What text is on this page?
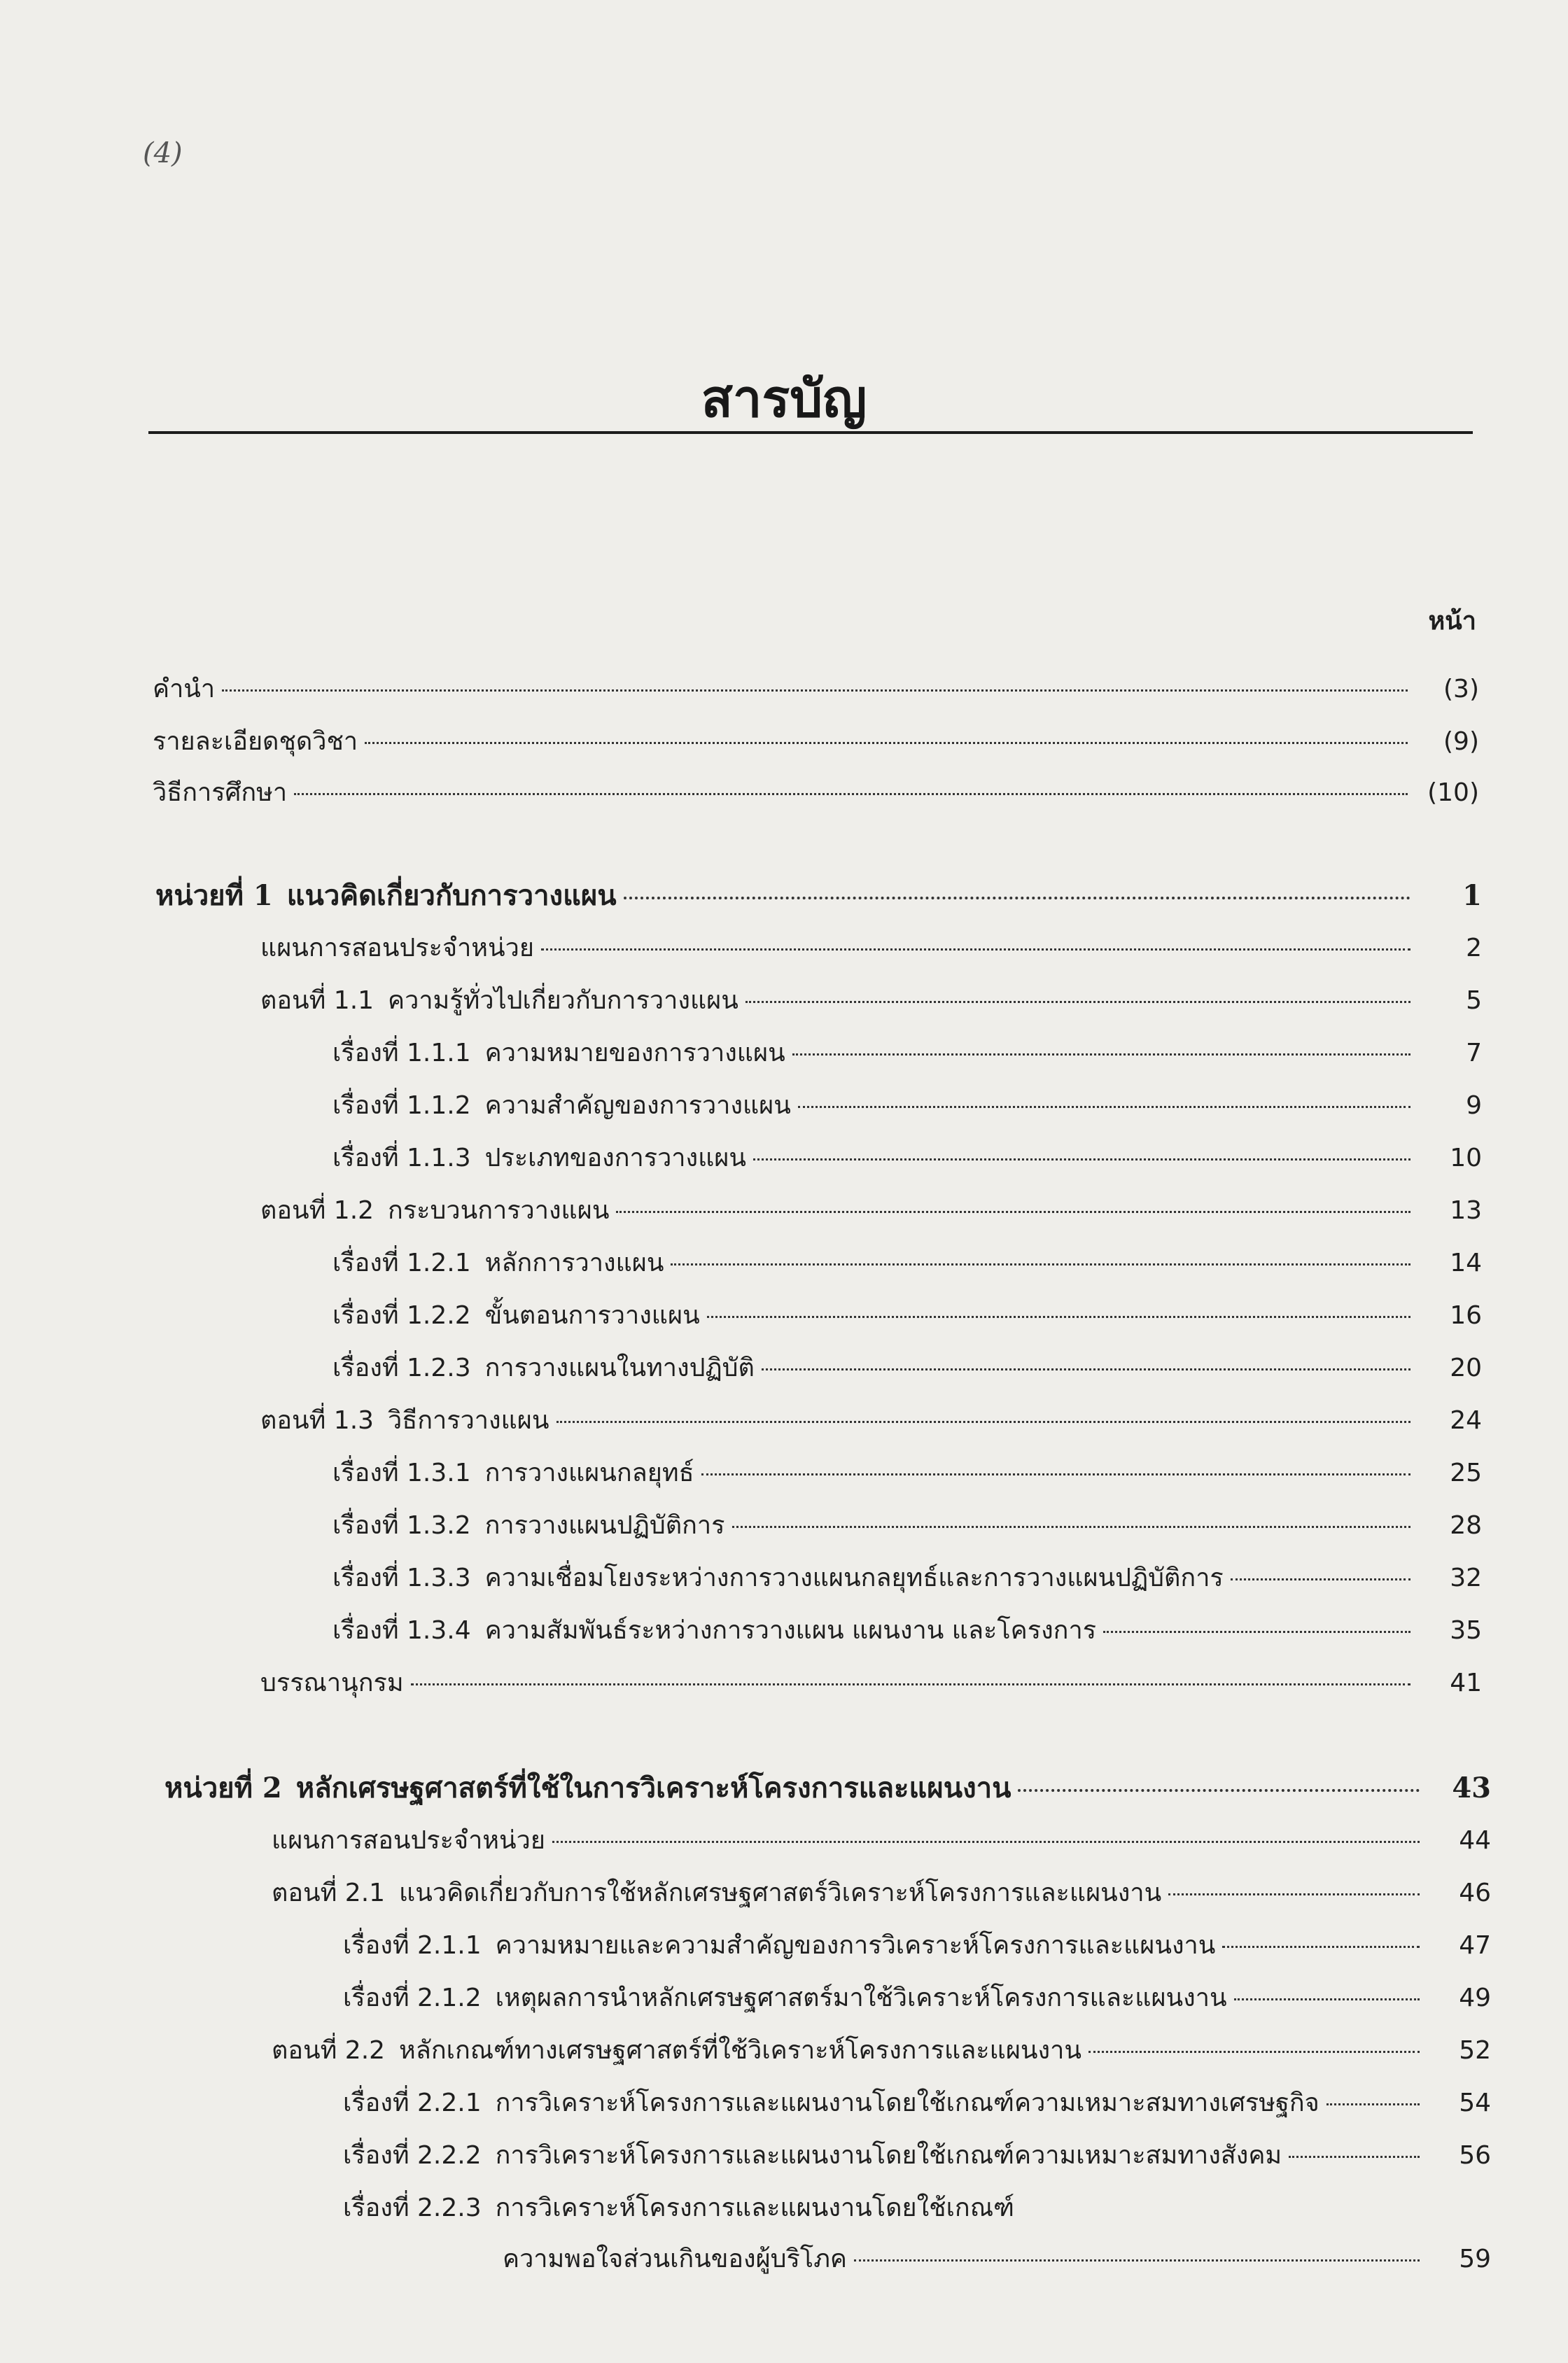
(4)
สารบัญ
หน้า
คำนำ	(3)
รายละเอียดชุดวิชา	(9)
วิธีการศึกษา	(10)
หน่วยที่ 1 แนวคิดเกี่ยวกับการวางแผน	1
แผนการสอนประจำหน่วย	2
ตอนที่ 1.1 ความรู้ทั่วไปเกี่ยวกับการวางแผน	5
เรื่องที่ 1.1.1 ความหมายของการวางแผน	7
เรื่องที่ 1.1.2 ความสำคัญของการวางแผน	9
เรื่องที่ 1.1.3 ประเภทของการวางแผน	10
ตอนที่ 1.2 กระบวนการวางแผน	13
เรื่องที่ 1.2.1 หลักการวางแผน	14
เรื่องที่ 1.2.2 ขั้นตอนการวางแผน	16
เรื่องที่ 1.2.3 การวางแผนในทางปฏิบัติ	20
ตอนที่ 1.3 วิธีการวางแผน	24
เรื่องที่ 1.3.1 การวางแผนกลยุทธ์	25
เรื่องที่ 1.3.2 การวางแผนปฏิบัติการ	28
เรื่องที่ 1.3.3 ความเชื่อมโยงระหว่างการวางแผนกลยุทธ์และการวางแผนปฏิบัติการ	32
เรื่องที่ 1.3.4 ความสัมพันธ์ระหว่างการวางแผน แผนงาน และโครงการ	35
บรรณานุกรม	41
หน่วยที่ 2 หลักเศรษฐศาสตร์ที่ใช้ในการวิเคราะห์โครงการและแผนงาน	43
แผนการสอนประจำหน่วย	44
ตอนที่ 2.1 แนวคิดเกี่ยวกับการใช้หลักเศรษฐศาสตร์วิเคราะห์โครงการและแผนงาน	46
เรื่องที่ 2.1.1 ความหมายและความสำคัญของการวิเคราะห์โครงการและแผนงาน	47
เรื่องที่ 2.1.2 เหตุผลการนำหลักเศรษฐศาสตร์มาใช้วิเคราะห์โครงการและแผนงาน	49
ตอนที่ 2.2 หลักเกณฑ์ทางเศรษฐศาสตร์ที่ใช้วิเคราะห์โครงการและแผนงาน	52
เรื่องที่ 2.2.1 การวิเคราะห์โครงการและแผนงานโดยใช้เกณฑ์ความเหมาะสมทางเศรษฐกิจ	54
เรื่องที่ 2.2.2 การวิเคราะห์โครงการและแผนงานโดยใช้เกณฑ์ความเหมาะสมทางสังคม	56
เรื่องที่ 2.2.3 การวิเคราะห์โครงการและแผนงานโดยใช้เกณฑ์
ความพอใจส่วนเกินของผู้บริโภค	59
